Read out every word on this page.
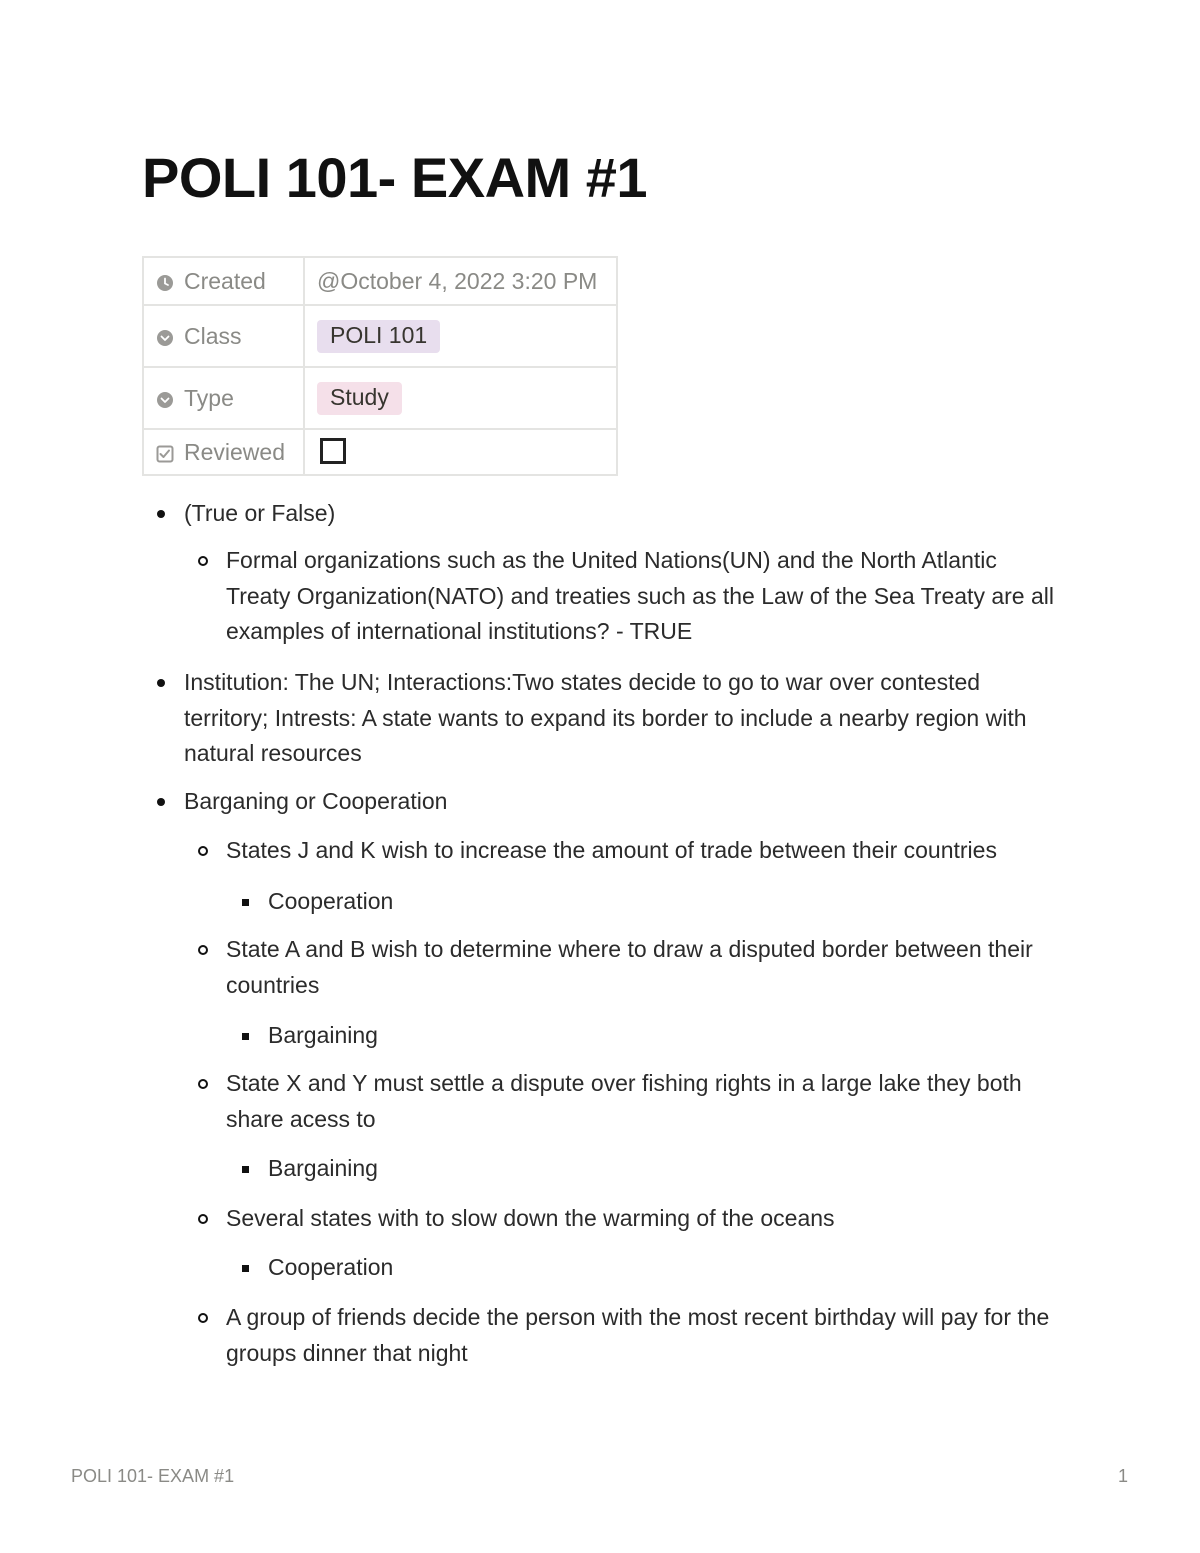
POLI 101- EXAM #1
Created	@October 4, 2022 3:20 PM

Class	POLI 101

Type	Study

Reviewed	
(True or False)
Formal organizations such as the United Nations(UN) and the North Atlantic Treaty Organization(NATO) and treaties such as the Law of the Sea Treaty are all examples of international institutions? - TRUE
Institution: The UN; Interactions:Two states decide to go to war over contested territory; Intrests: A state wants to expand its border to include a nearby region with natural resources
Barganing or Cooperation
States J and K wish to increase the amount of trade between their countries
Cooperation
State A and B wish to determine where to draw a disputed border between their countries
Bargaining
State X and Y must settle a dispute over fishing rights in a large lake they both share acess to
Bargaining
Several states with to slow down the warming of the oceans
Cooperation
A group of friends decide the person with the most recent birthday will pay for the groups dinner that night
POLI 101- EXAM #1	1
